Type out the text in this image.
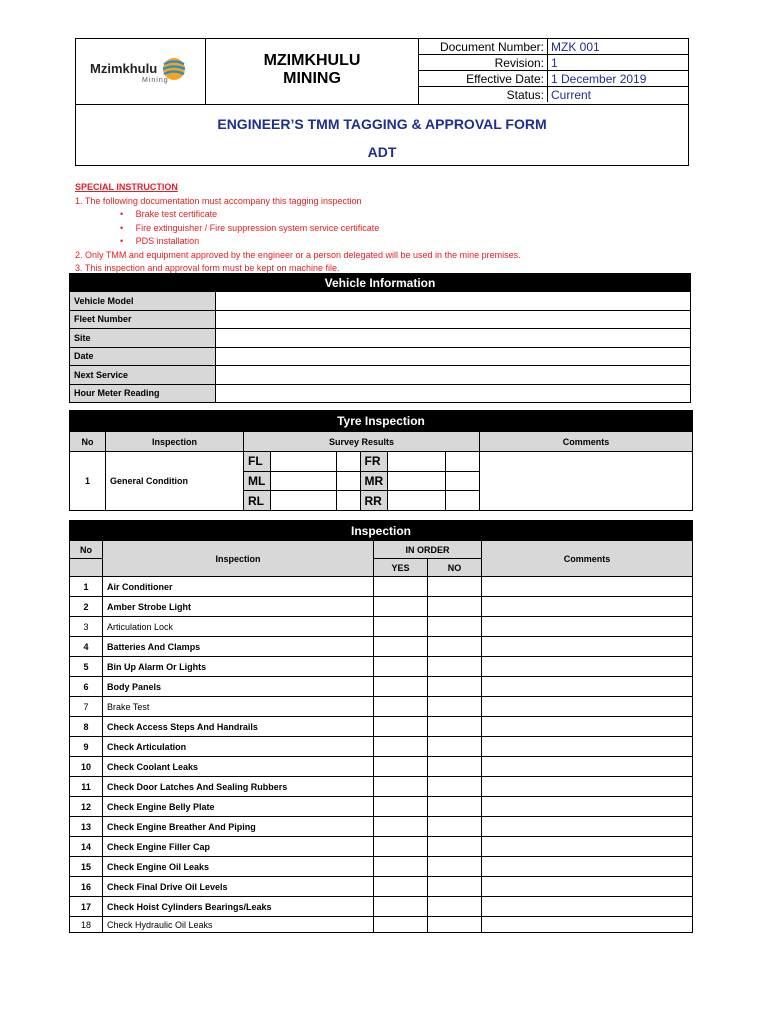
Mzimkhulu
Mining
MZIMKHULU
MINING
Document Number:	MZK 001
Revision:	1
Effective Date:	1 December 2019
Status:	Current
ENGINEER’S TMM TAGGING & APPROVAL FORM
ADT
SPECIAL INSTRUCTION
1. The following documentation must accompany this tagging inspection
•     Brake test certificate
•     Fire extinguisher / Fire suppression system service certificate
•     PDS installation
2. Only TMM and equipment approved by the engineer or a person delegated will be used in the mine premises.
3. This inspection and approval form must be kept on machine file.
Vehicle Information	
Vehicle Model	
Fleet Number	
Site	
Date	
Next Service	
Hour Meter Reading	
Tyre Inspection
No	Inspection	Survey Results	Comments
1	General Condition	
FL			FR		
ML			MR		
RL			RR		

Inspection				
No	Inspection	IN ORDER		Comments
		YES	NO	
1	Air Conditioner			
2	Amber Strobe Light			
3	Articulation Lock			
4	Batteries And Clamps			
5	Bin Up Alarm Or Lights			
6	Body Panels			
7	Brake Test			
8	Check Access Steps And Handrails			
9	Check Articulation			
10	Check Coolant Leaks			
11	Check Door Latches And Sealing Rubbers			
12	Check Engine Belly Plate			
13	Check Engine Breather And Piping			
14	Check Engine Filler Cap			
15	Check Engine Oil Leaks			
16	Check Final Drive Oil Levels			
17	Check Hoist Cylinders Bearings/Leaks			
18	Check Hydraulic Oil Leaks			
